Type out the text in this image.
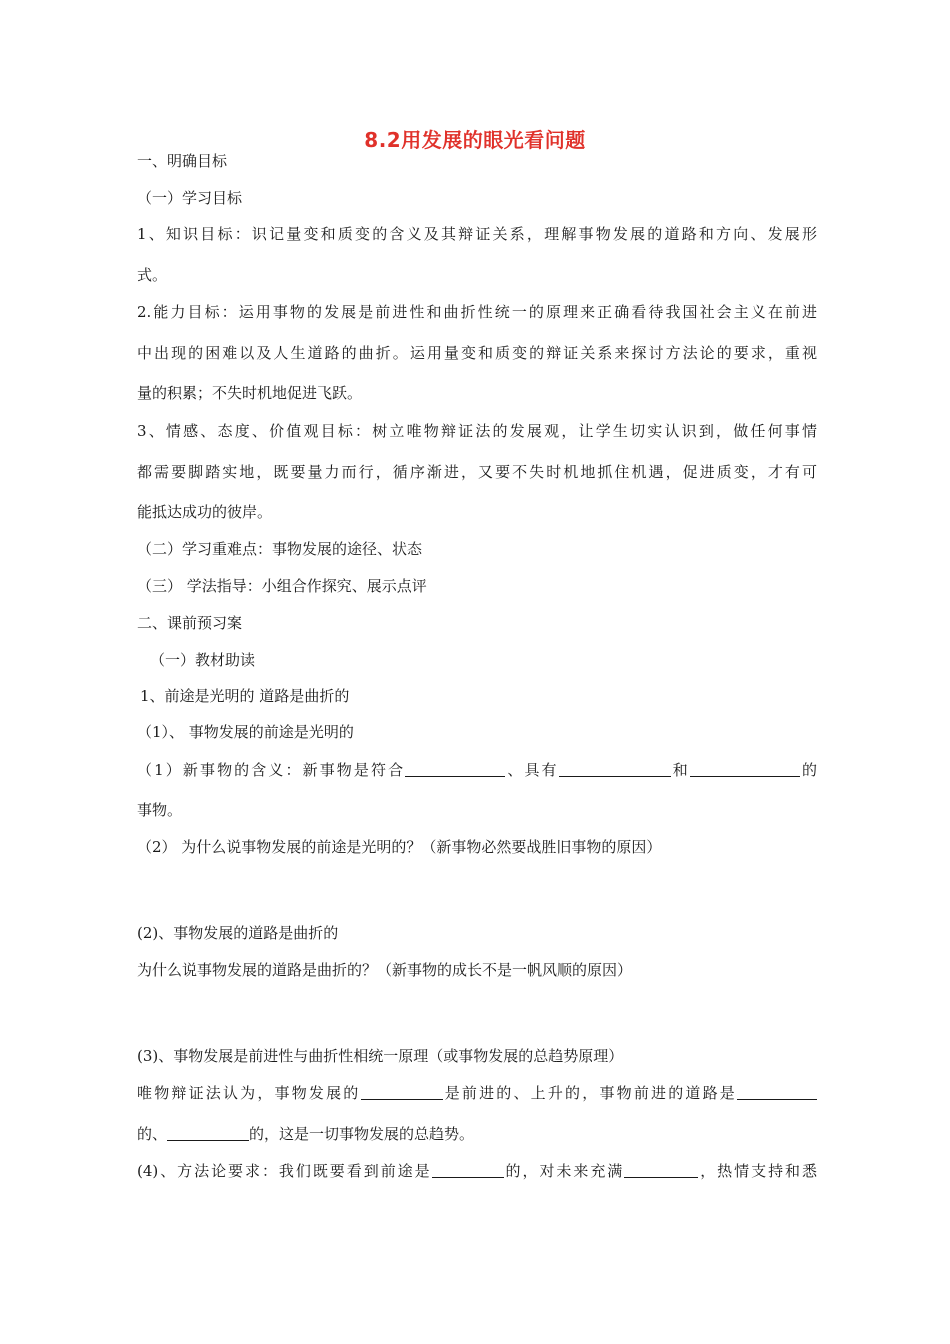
8.2用发展的眼光看问题
一、明确目标
（一）学习目标
1、知识目标：识记量变和质变的含义及其辩证关系，理解事物发展的道路和方向、发展形
式。
2.能力目标：运用事物的发展是前进性和曲折性统一的原理来正确看待我国社会主义在前进
中出现的困难以及人生道路的曲折。运用量变和质变的辩证关系来探讨方法论的要求，重视
量的积累；不失时机地促进飞跃。
3、情感、态度、价值观目标：树立唯物辩证法的发展观，让学生切实认识到，做任何事情
都需要脚踏实地，既要量力而行，循序渐进，又要不失时机地抓住机遇，促进质变，才有可
能抵达成功的彼岸。
（二）学习重难点：事物发展的途径、状态
（三） 学法指导：小组合作探究、展示点评
二、课前预习案
（一）教材助读
1、前途是光明的 道路是曲折的
（1）、 事物发展的前途是光明的
（1）新事物的含义：新事物是符合	、具有	和	的
事物。
（2） 为什么说事物发展的前途是光明的？（新事物必然要战胜旧事物的原因）
(2)、事物发展的道路是曲折的
为什么说事物发展的道路是曲折的？（新事物的成长不是一帆风顺的原因）
(3)、事物发展是前进性与曲折性相统一原理（或事物发展的总趋势原理）
唯物辩证法认为，事物发展的	是前进的、上升的，事物前进的道路是
的、	的，这是一切事物发展的总趋势。
(4)、方法论要求：我们既要看到前途是	的，对未来充满	，热情支持和悉
